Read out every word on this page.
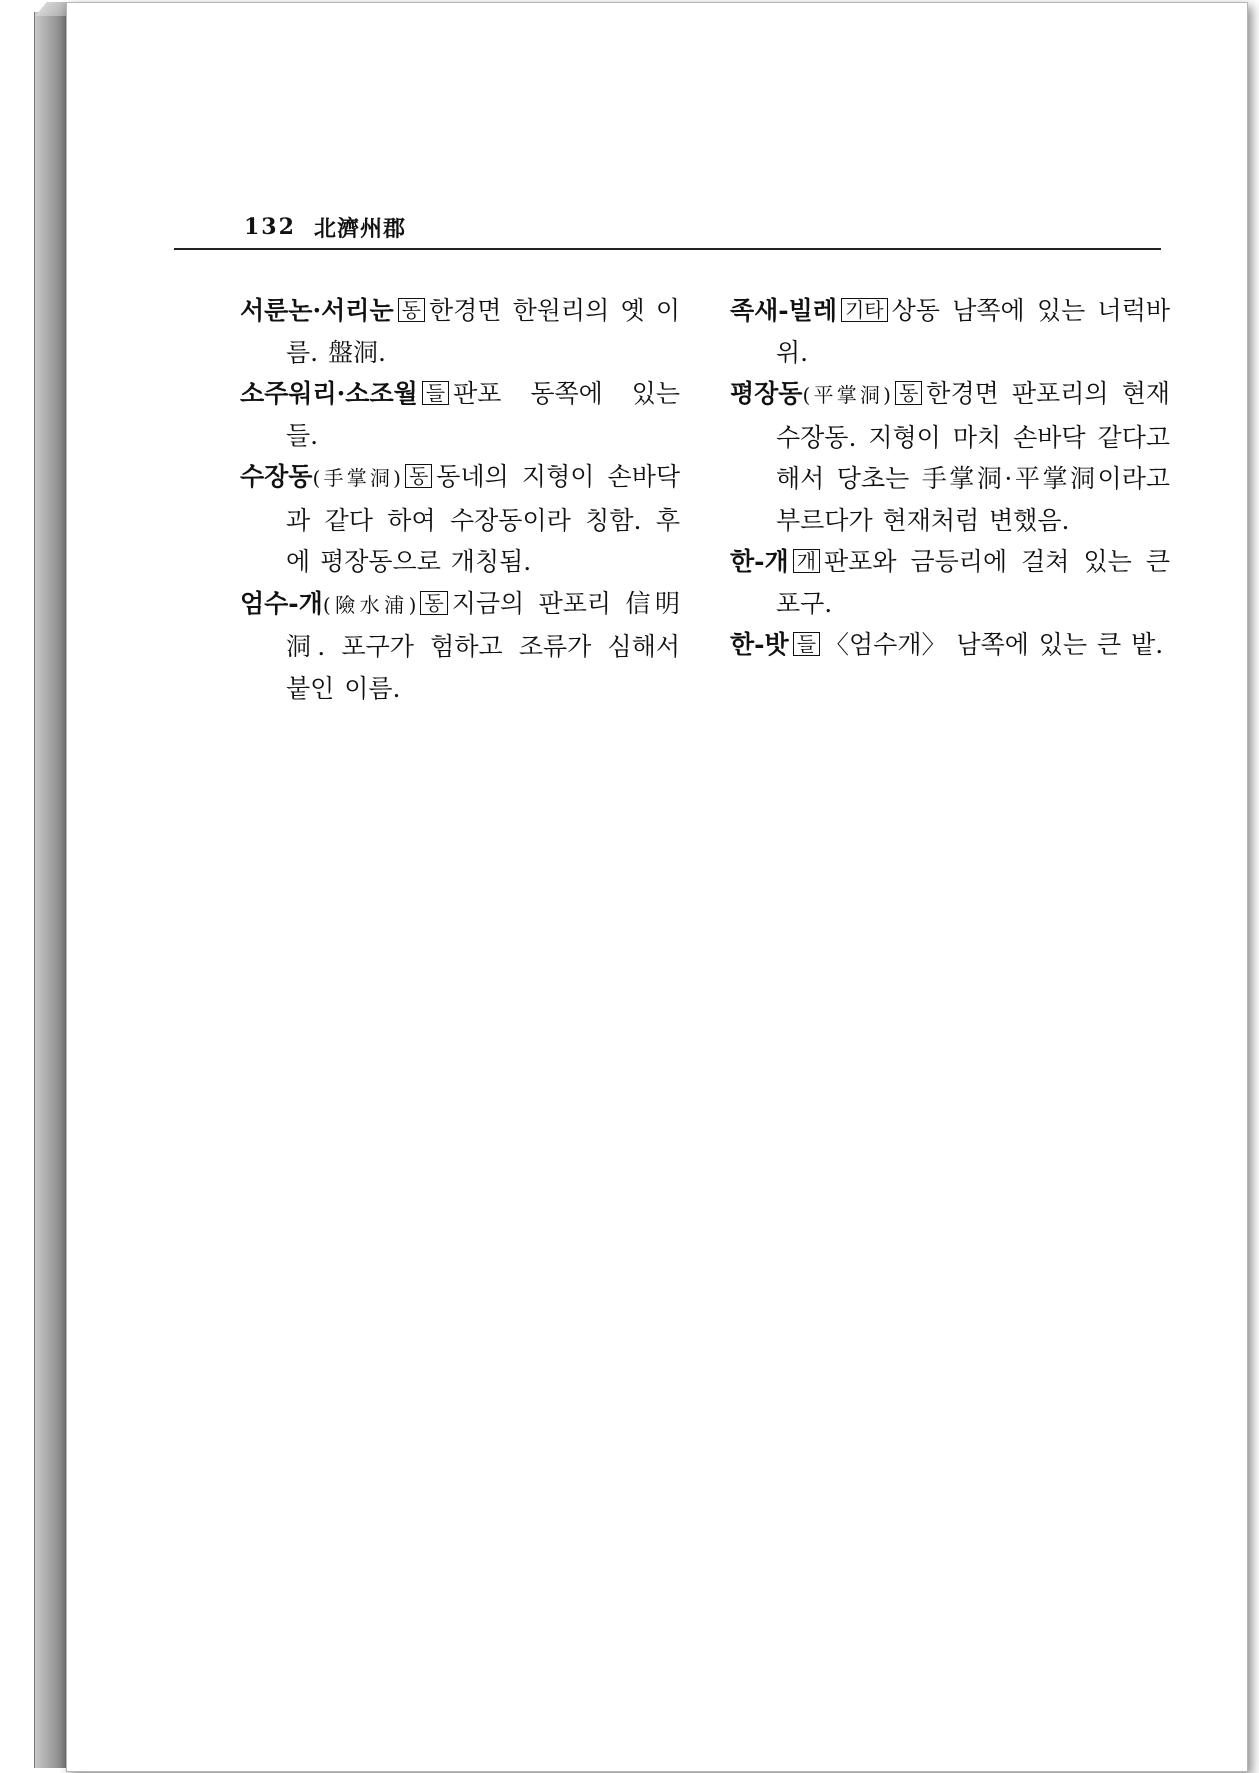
132 北濟州郡

서룬논·서리눈 동 한경면 한원리의 옛 이름. 盤洞.

소주워리·소조월 들 판포 동쪽에 있는 들.

수장동(手掌洞) 동 동네의 지형이 손바닥과 같다 하여 수장동이라 칭함. 후에 평장동으로 개칭됨.

엄수-개(險水浦) 동 지금의 판포리 信明洞. 포구가 험하고 조류가 심해서 붙인 이름.

족새-빌레 기타 상동 남쪽에 있는 너럭바위.

평장동(平掌洞) 동 한경면 판포리의 현재 수장동. 지형이 마치 손바닥 같다고 해서 당초는 手掌洞·平掌洞이라고 부르다가 현재처럼 변했음.

한-개 개 판포와 금등리에 걸쳐 있는 큰 포구.

한-밧 들 〈엄수개〉 남쪽에 있는 큰 밭.
